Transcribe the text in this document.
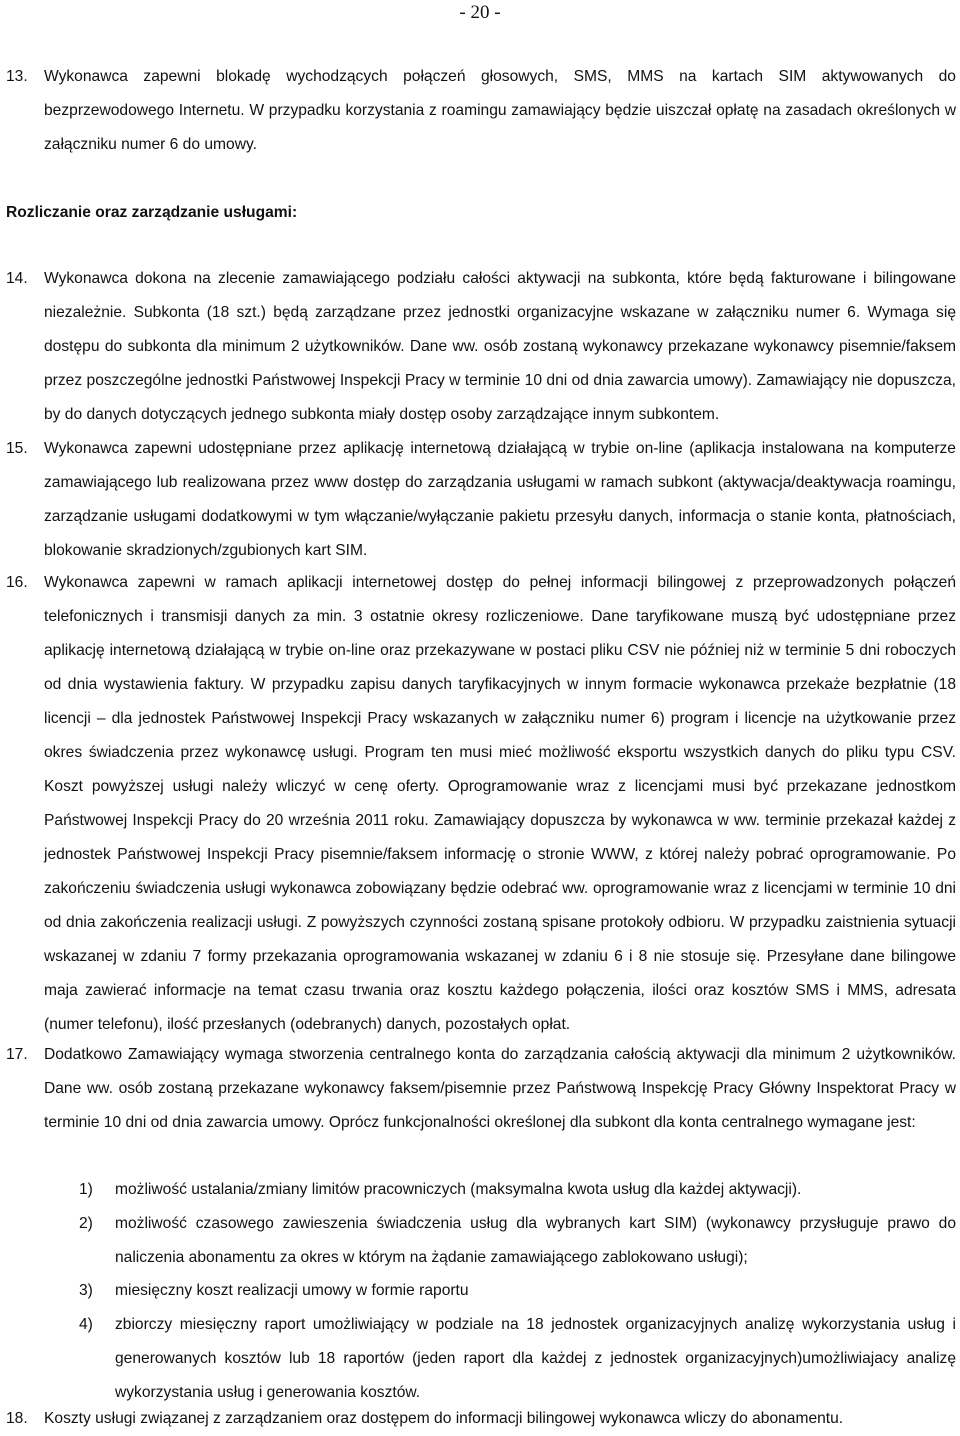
- 20 -
13. Wykonawca zapewni blokadę wychodzących połączeń głosowych, SMS, MMS na kartach SIM aktywowanych do bezprzewodowego Internetu. W przypadku korzystania z roamingu zamawiający będzie uiszczał opłatę na zasadach określonych w załączniku numer 6 do umowy.
Rozliczanie oraz zarządzanie usługami:
14. Wykonawca dokona na zlecenie zamawiającego podziału całości aktywacji na subkonta, które będą fakturowane i bilingowane niezależnie. Subkonta (18 szt.) będą zarządzane przez jednostki organizacyjne wskazane w załączniku numer 6. Wymaga się dostępu do subkonta dla minimum 2 użytkowników. Dane ww. osób zostaną wykonawcy przekazane wykonawcy pisemnie/faksem przez poszczególne jednostki Państwowej Inspekcji Pracy w terminie 10 dni od dnia zawarcia umowy). Zamawiający nie dopuszcza, by do danych dotyczących jednego subkonta miały dostęp osoby zarządzające innym subkontem.
15. Wykonawca zapewni udostępniane przez aplikację internetową działającą w trybie on-line (aplikacja instalowana na komputerze zamawiającego lub realizowana przez www dostęp do zarządzania usługami w ramach subkont (aktywacja/deaktywacja roamingu, zarządzanie usługami dodatkowymi w tym włączanie/wyłączanie pakietu przesyłu danych, informacja o stanie konta, płatnościach, blokowanie skradzionych/zgubionych kart SIM.
16. Wykonawca zapewni w ramach aplikacji internetowej dostęp do pełnej informacji bilingowej z przeprowadzonych połączeń telefonicznych i transmisji danych za min. 3 ostatnie okresy rozliczeniowe. Dane taryfikowane muszą być udostępniane przez aplikację internetową działającą w trybie on-line oraz przekazywane w postaci pliku CSV nie później niż w terminie 5 dni roboczych od dnia wystawienia faktury. W przypadku zapisu danych taryfikacyjnych w innym formacie wykonawca przekaże bezpłatnie (18 licencji – dla jednostek Państwowej Inspekcji Pracy wskazanych w załączniku numer 6) program i licencje na użytkowanie przez okres świadczenia przez wykonawcę usługi. Program ten musi mieć możliwość eksportu wszystkich danych do pliku typu CSV. Koszt powyższej usługi należy wliczyć w cenę oferty. Oprogramowanie wraz z licencjami musi być przekazane jednostkom Państwowej Inspekcji Pracy do 20 września 2011 roku. Zamawiający dopuszcza by wykonawca w ww. terminie przekazał każdej z jednostek Państwowej Inspekcji Pracy pisemnie/faksem informację o stronie WWW, z której należy pobrać oprogramowanie. Po zakończeniu świadczenia usługi wykonawca zobowiązany będzie odebrać ww. oprogramowanie wraz z licencjami w terminie 10 dni od dnia zakończenia realizacji usługi. Z powyższych czynności zostaną spisane protokoły odbioru. W przypadku zaistnienia sytuacji wskazanej w zdaniu 7 formy przekazania oprogramowania wskazanej w zdaniu 6 i 8 nie stosuje się. Przesyłane dane bilingowe maja zawierać informacje na temat czasu trwania oraz kosztu każdego połączenia, ilości oraz kosztów SMS i MMS, adresata (numer telefonu), ilość przesłanych (odebranych) danych, pozostałych opłat.
17. Dodatkowo Zamawiający wymaga stworzenia centralnego konta do zarządzania całością aktywacji dla minimum 2 użytkowników. Dane ww. osób zostaną przekazane wykonawcy faksem/pisemnie przez Państwową Inspekcję Pracy Główny Inspektorat Pracy w terminie 10 dni od dnia zawarcia umowy. Oprócz funkcjonalności określonej dla subkont dla konta centralnego wymagane jest:
1) możliwość ustalania/zmiany limitów pracowniczych (maksymalna kwota usług dla każdej aktywacji).
2) możliwość czasowego zawieszenia świadczenia usług dla wybranych kart SIM) (wykonawcy przysługuje prawo do naliczenia abonamentu za okres w którym na żądanie zamawiającego zablokowano usługi);
3) miesięczny koszt realizacji umowy w formie raportu
4) zbiorczy miesięczny raport umożliwiający w podziale na 18 jednostek organizacyjnych analizę wykorzystania usług i generowanych kosztów lub 18 raportów (jeden raport dla każdej z jednostek organizacyjnych)umożliwiajacy analizę wykorzystania usług i generowania kosztów.
18. Koszty usługi związanej z zarządzaniem oraz dostępem do informacji bilingowej wykonawca wliczy do abonamentu.
